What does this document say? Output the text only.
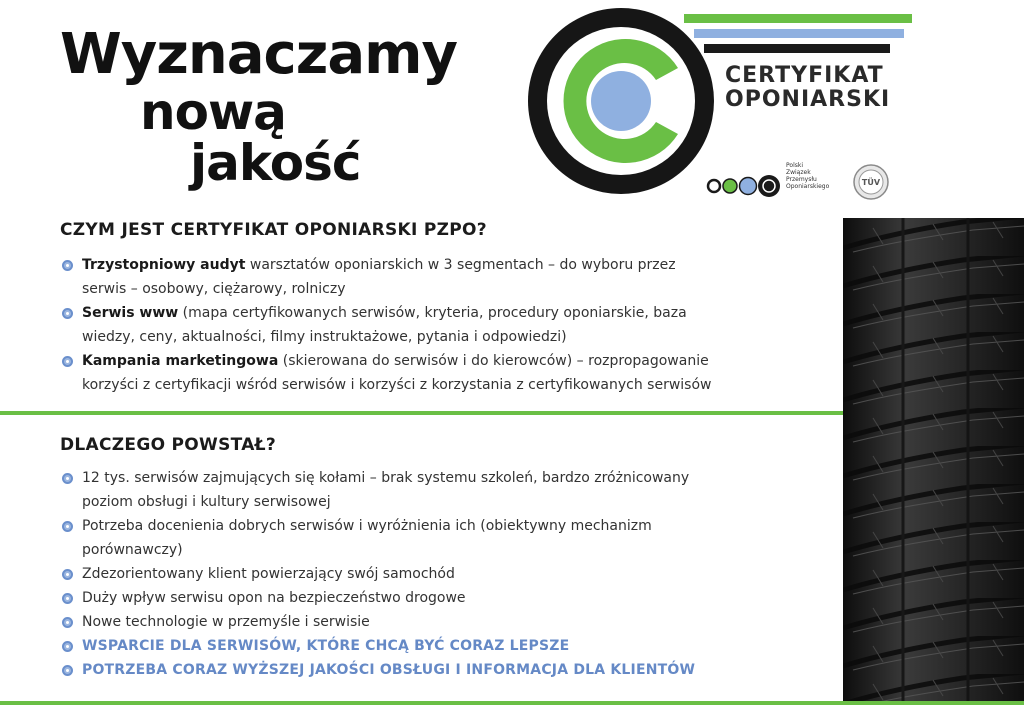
Wyznaczamy
nową
jakość
CERTYFIKAT
OPONIARSKI
Polski
Związek
Przemysłu
Oponiarskiego	TÜV
CZYM JEST CERTYFIKAT OPONIARSKI PZPO?
Trzystopniowy audyt warsztatów oponiarskich w 3 segmentach – do wyboru przez
serwis – osobowy, ciężarowy, rolniczy
Serwis www (mapa certyfikowanych serwisów, kryteria, procedury oponiarskie, baza
wiedzy, ceny, aktualności, filmy instruktażowe, pytania i odpowiedzi)
Kampania marketingowa (skierowana do serwisów i do kierowców) – rozpropagowanie
korzyści z certyfikacji wśród serwisów i korzyści z korzystania z certyfikowanych serwisów
DLACZEGO POWSTAŁ?
12 tys. serwisów zajmujących się kołami – brak systemu szkoleń, bardzo zróżnicowany
poziom obsługi i kultury serwisowej
Potrzeba docenienia dobrych serwisów i wyróżnienia ich (obiektywny mechanizm
porównawczy)
Zdezorientowany klient powierzający swój samochód
Duży wpływ serwisu opon na bezpieczeństwo drogowe
Nowe technologie w przemyśle i serwisie
WSPARCIE DLA SERWISÓW, KTÓRE CHCĄ BYĆ CORAZ LEPSZE
POTRZEBA CORAZ WYŻSZEJ JAKOŚCI OBSŁUGI I INFORMACJA DLA KLIENTÓW
